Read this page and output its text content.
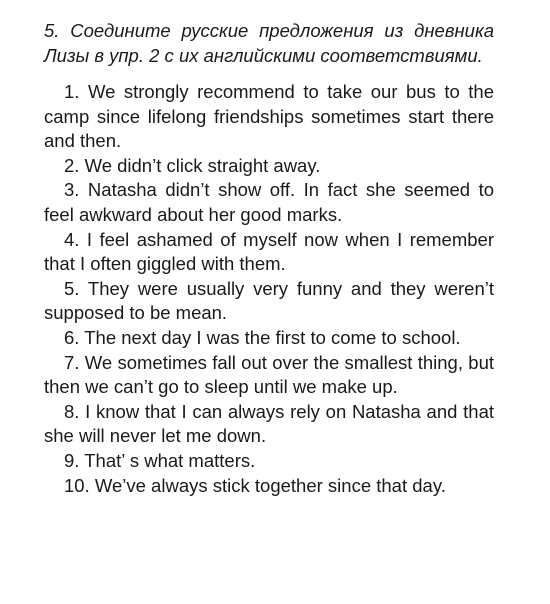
5. Соедините русские предложения из дневника Лизы в упр. 2 с их английскими соответствиями.

1. We strongly recommend to take our bus to the camp since lifelong friendships sometimes start there and then.
2. We didn’t click straight away.
3. Natasha didn’t show off. In fact she seemed to feel awkward about her good marks.
4. I feel ashamed of myself now when I remember that I often giggled with them.
5. They were usually very funny and they weren’t supposed to be mean.
6. The next day I was the first to come to school.
7. We sometimes fall out over the smallest thing, but then we can’t go to sleep until we make up.
8. I know that I can always rely on Natasha and that she will never let me down.
9. That’ s what matters.
10. We’ve always stick together since that day.
